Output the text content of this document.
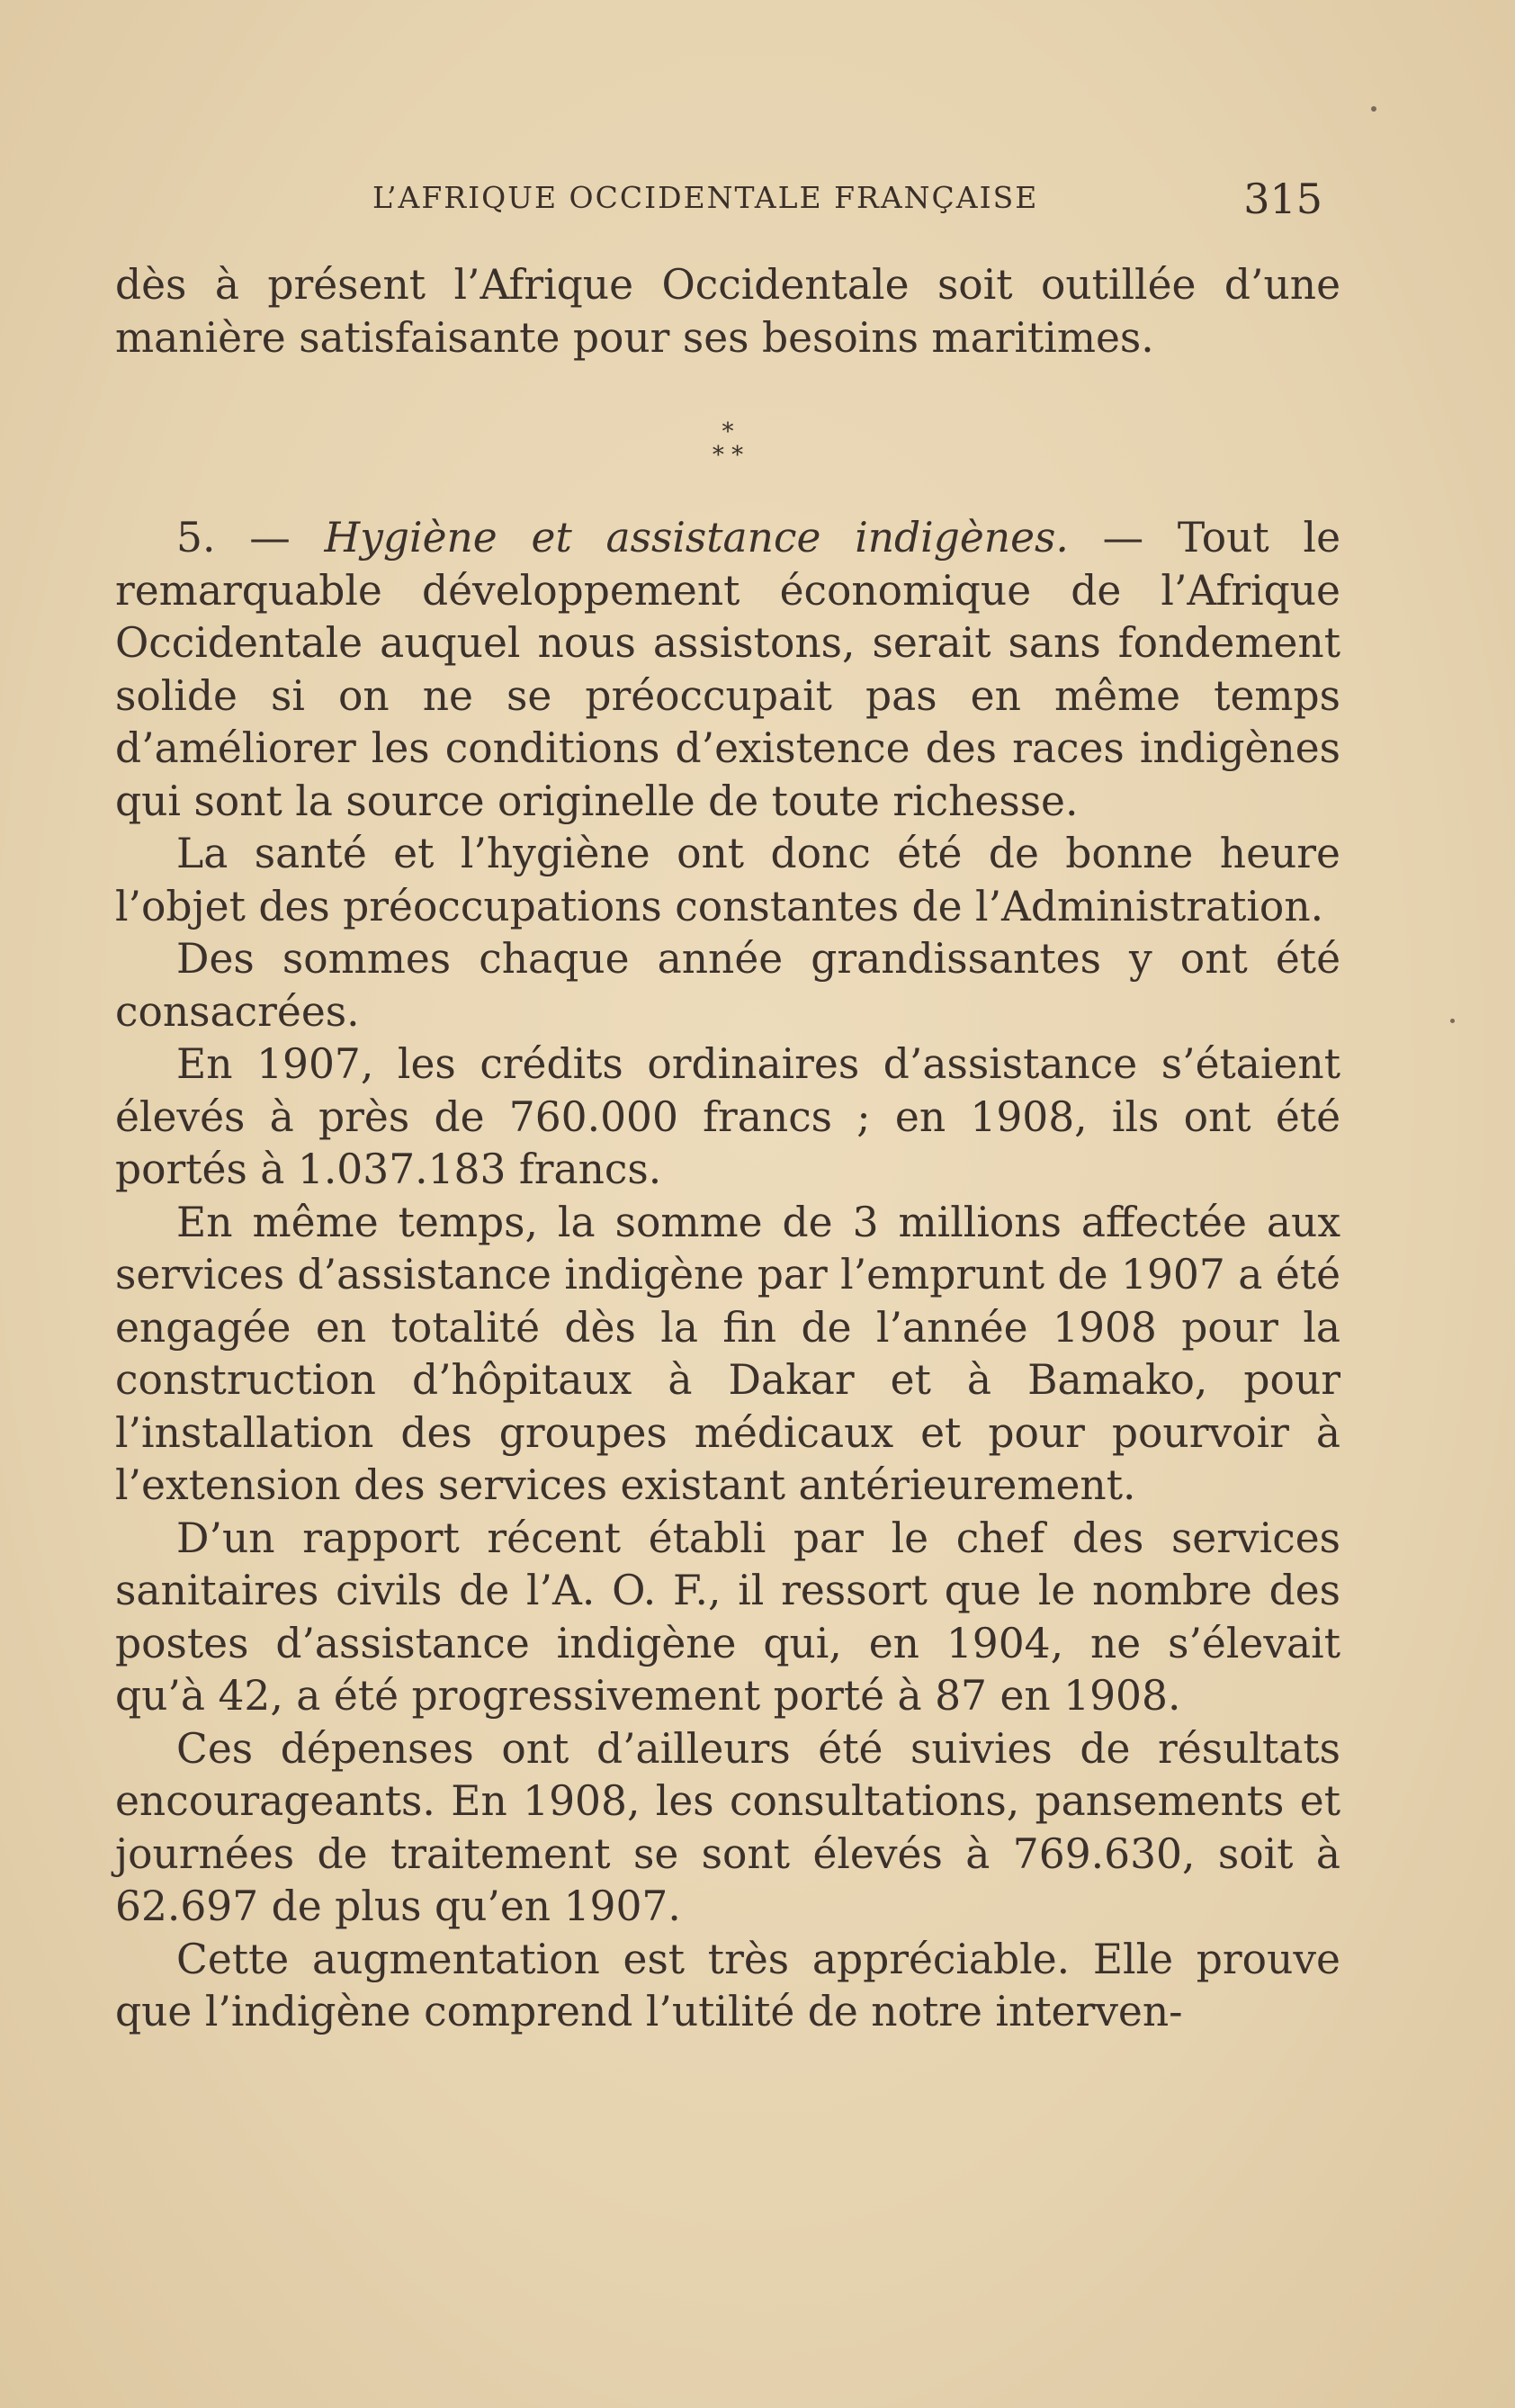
L’AFRIQUE OCCIDENTALE FRANÇAISE	315

dès à présent l’Afrique Occidentale soit outillée d’une manière satisfaisante pour ses besoins maritimes.

*
* *

5. — Hygiène et assistance indigènes. — Tout le remarquable développement économique de l’Afrique Occidentale auquel nous assistons, serait sans fondement solide si on ne se préoccupait pas en même temps d’améliorer les conditions d’existence des races indigènes qui sont la source originelle de toute richesse.

La santé et l’hygiène ont donc été de bonne heure l’objet des préoccupations constantes de l’Administration.

Des sommes chaque année grandissantes y ont été consacrées.

En 1907, les crédits ordinaires d’assistance s’étaient élevés à près de 760.000 francs ; en 1908, ils ont été portés à 1.037.183 francs.

En même temps, la somme de 3 millions affectée aux services d’assistance indigène par l’emprunt de 1907 a été engagée en totalité dès la fin de l’année 1908 pour la construction d’hôpitaux à Dakar et à Bamako, pour l’installation des groupes médicaux et pour pourvoir à l’extension des services existant antérieurement.

D’un rapport récent établi par le chef des services sanitaires civils de l’A. O. F., il ressort que le nombre des postes d’assistance indigène qui, en 1904, ne s’élevait qu’à 42, a été progressivement porté à 87 en 1908.

Ces dépenses ont d’ailleurs été suivies de résultats encourageants. En 1908, les consultations, pansements et journées de traitement se sont élevés à 769.630, soit à 62.697 de plus qu’en 1907.

Cette augmentation est très appréciable. Elle prouve que l’indigène comprend l’utilité de notre interven-
